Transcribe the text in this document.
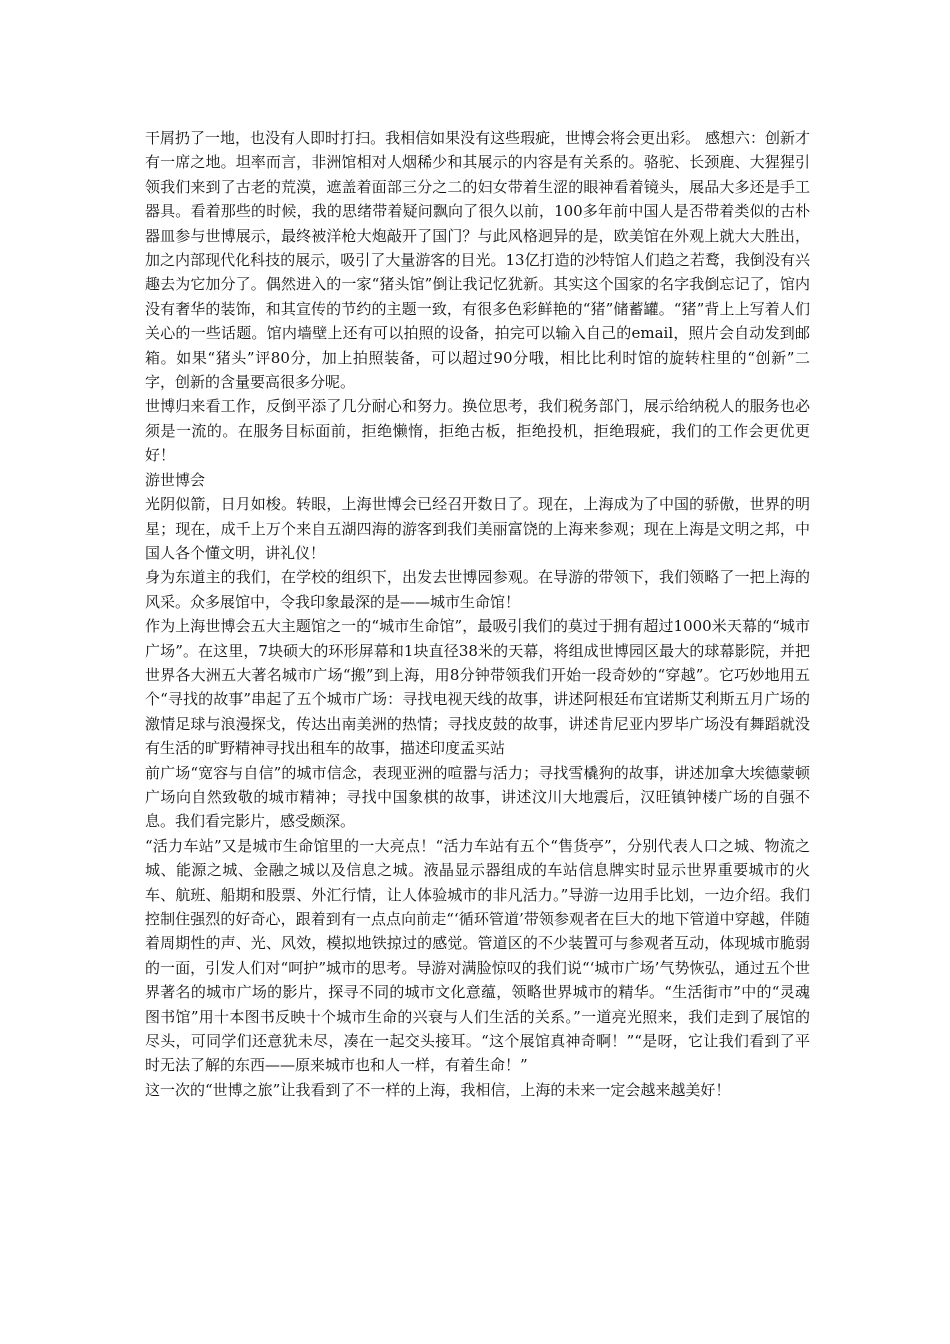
干屑扔了一地，也没有人即时打扫。我相信如果没有这些瑕疵，世博会将会更出彩。 感想六：创新才有一席之地。坦率而言，非洲馆相对人烟稀少和其展示的内容是有关系的。骆驼、长颈鹿、大猩猩引领我们来到了古老的荒漠，遮盖着面部三分之二的妇女带着生涩的眼神看着镜头，展品大多还是手工器具。看着那些的时候，我的思绪带着疑问飘向了很久以前，100多年前中国人是否带着类似的古朴器皿参与世博展示，最终被洋枪大炮敲开了国门？与此风格迥异的是，欧美馆在外观上就大大胜出，加之内部现代化科技的展示，吸引了大量游客的目光。13亿打造的沙特馆人们趋之若鹜，我倒没有兴趣去为它加分了。偶然进入的一家“猪头馆”倒让我记忆犹新。其实这个国家的名字我倒忘记了，馆内没有奢华的装饰，和其宣传的节约的主题一致，有很多色彩鲜艳的“猪”储蓄罐。“猪”背上上写着人们关心的一些话题。馆内墙壁上还有可以拍照的设备，拍完可以输入自己的email，照片会自动发到邮箱。如果“猪头”评80分，加上拍照装备，可以超过90分哦，相比比利时馆的旋转柱里的“创新”二字，创新的含量要高很多分呢。

世博归来看工作，反倒平添了几分耐心和努力。换位思考，我们税务部门，展示给纳税人的服务也必须是一流的。在服务目标面前，拒绝懒惰，拒绝古板，拒绝投机，拒绝瑕疵，我们的工作会更优更好！

游世博会

光阴似箭，日月如梭。转眼，上海世博会已经召开数日了。现在，上海成为了中国的骄傲，世界的明星；现在，成千上万个来自五湖四海的游客到我们美丽富饶的上海来参观；现在上海是文明之邦，中国人各个懂文明，讲礼仪！

身为东道主的我们，在学校的组织下，出发去世博园参观。在导游的带领下，我们领略了一把上海的风采。众多展馆中，令我印象最深的是——城市生命馆！

作为上海世博会五大主题馆之一的“城市生命馆”，最吸引我们的莫过于拥有超过1000米天幕的“城市广场”。在这里，7块硕大的环形屏幕和1块直径38米的天幕，将组成世博园区最大的球幕影院，并把世界各大洲五大著名城市广场“搬”到上海，用8分钟带领我们开始一段奇妙的“穿越”。它巧妙地用五个“寻找的故事”串起了五个城市广场：寻找电视天线的故事，讲述阿根廷布宜诺斯艾利斯五月广场的激情足球与浪漫探戈，传达出南美洲的热情；寻找皮鼓的故事，讲述肯尼亚内罗毕广场没有舞蹈就没有生活的旷野精神寻找出租车的故事，描述印度孟买站

前广场“宽容与自信”的城市信念，表现亚洲的喧嚣与活力；寻找雪橇狗的故事，讲述加拿大埃德蒙顿广场向自然致敬的城市精神；寻找中国象棋的故事，讲述汶川大地震后，汉旺镇钟楼广场的自强不息。我们看完影片，感受颇深。

“活力车站”又是城市生命馆里的一大亮点！“活力车站有五个“售货亭”，分别代表人口之城、物流之城、能源之城、金融之城以及信息之城。液晶显示器组成的车站信息牌实时显示世界重要城市的火车、航班、船期和股票、外汇行情，让人体验城市的非凡活力。”导游一边用手比划，一边介绍。我们控制住强烈的好奇心，跟着到有一点点向前走“‘循环管道’带领参观者在巨大的地下管道中穿越，伴随着周期性的声、光、风效，模拟地铁掠过的感觉。管道区的不少装置可与参观者互动，体现城市脆弱的一面，引发人们对“呵护”城市的思考。导游对满脸惊叹的我们说“‘城市广场’气势恢弘，通过五个世界著名的城市广场的影片，探寻不同的城市文化意蕴，领略世界城市的精华。“生活街市”中的“灵魂图书馆”用十本图书反映十个城市生命的兴衰与人们生活的关系。”一道亮光照来，我们走到了展馆的尽头，可同学们还意犹未尽，凑在一起交头接耳。“这个展馆真神奇啊！”“是呀，它让我们看到了平时无法了解的东西——原来城市也和人一样，有着生命！”

这一次的“世博之旅”让我看到了不一样的上海，我相信，上海的未来一定会越来越美好！
